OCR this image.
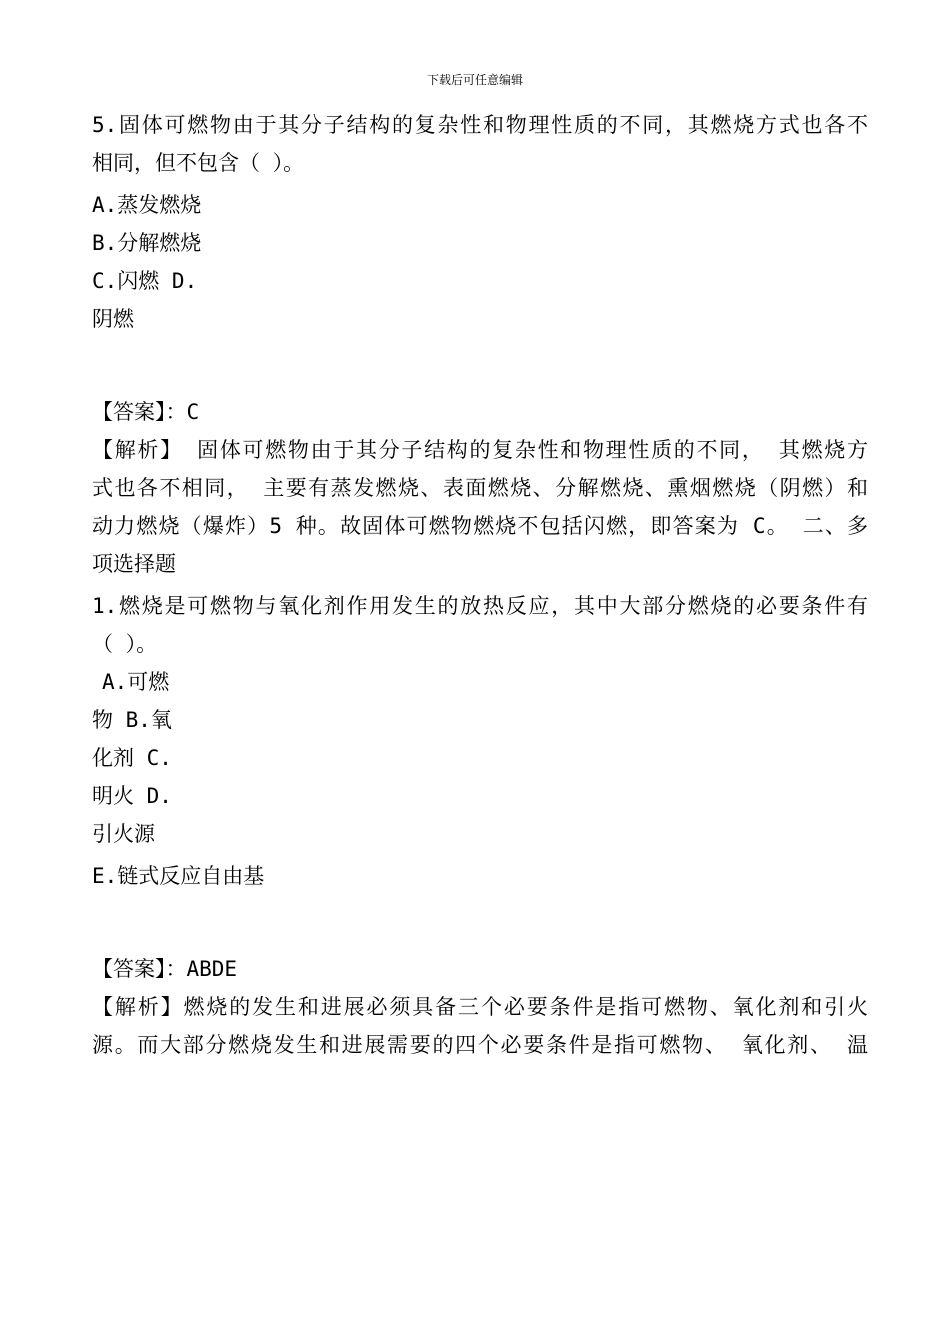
下载后可任意编辑
5.固体可燃物由于其分子结构的复杂性和物理性质的不同，其燃烧方式也各不
相同，但不包含（ ）。
A.蒸发燃烧
B.分解燃烧
C.闪燃 D.
阴燃
【答案】：C
【解析】 固体可燃物由于其分子结构的复杂性和物理性质的不同， 其燃烧方
式也各不相同， 主要有蒸发燃烧、表面燃烧、分解燃烧、熏烟燃烧（阴燃）和
动力燃烧（爆炸）5 种。故固体可燃物燃烧不包括闪燃，即答案为 C。 二、多
项选择题
1.燃烧是可燃物与氧化剂作用发生的放热反应，其中大部分燃烧的必要条件有
（ ）。
A.可燃
物 B.氧
化剂 C.
明火 D.
引火源
E.链式反应自由基
【答案】：ABDE
【解析】燃烧的发生和进展必须具备三个必要条件是指可燃物、氧化剂和引火
源。而大部分燃烧发生和进展需要的四个必要条件是指可燃物、 氧化剂、 温
